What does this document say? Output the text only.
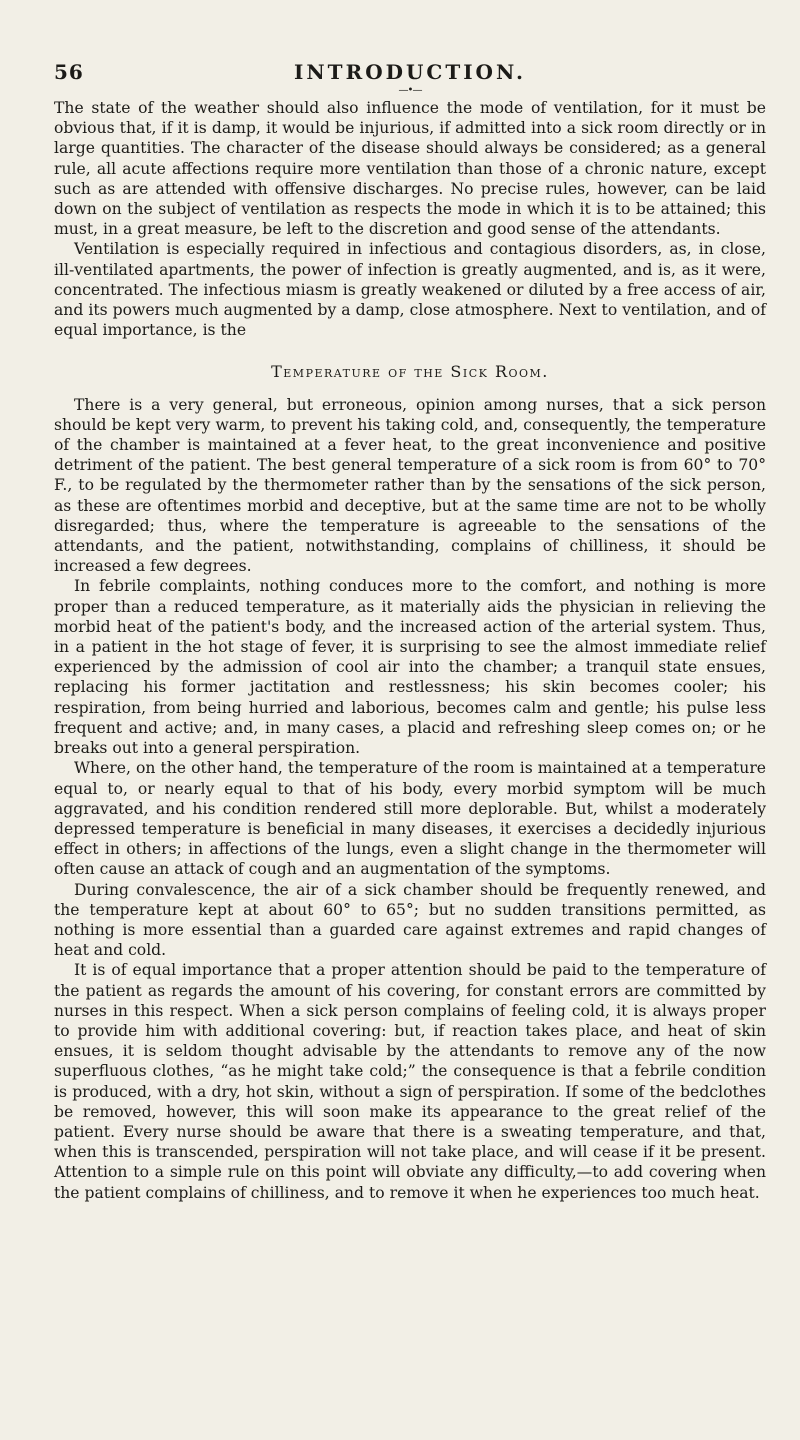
56	INTRODUCTION.
—•—

The state of the weather should also influence the mode of ventilation, for it must be obvious that, if it is damp, it would be injurious, if admitted into a sick room directly or in large quantities. The character of the disease should always be considered; as a general rule, all acute affections require more ventilation than those of a chronic nature, except such as are attended with offensive discharges. No precise rules, however, can be laid down on the subject of ventilation as respects the mode in which it is to be attained; this must, in a great measure, be left to the discretion and good sense of the attendants.

Ventilation is especially required in infectious and contagious disorders, as, in close, ill-ventilated apartments, the power of infection is greatly augmented, and is, as it were, concentrated. The infectious miasm is greatly weakened or diluted by a free access of air, and its powers much augmented by a damp, close atmosphere. Next to ventilation, and of equal importance, is the

Temperature of the Sick Room.

There is a very general, but erroneous, opinion among nurses, that a sick person should be kept very warm, to prevent his taking cold, and, consequently, the temperature of the chamber is maintained at a fever heat, to the great inconvenience and positive detriment of the patient. The best general temperature of a sick room is from 60° to 70° F., to be regulated by the thermometer rather than by the sensations of the sick person, as these are oftentimes morbid and deceptive, but at the same time are not to be wholly disregarded; thus, where the temperature is agreeable to the sensations of the attendants, and the patient, notwithstanding, complains of chilliness, it should be increased a few degrees.

In febrile complaints, nothing conduces more to the comfort, and nothing is more proper than a reduced temperature, as it materially aids the physician in relieving the morbid heat of the patient's body, and the increased action of the arterial system. Thus, in a patient in the hot stage of fever, it is surprising to see the almost immediate relief experienced by the admission of cool air into the chamber; a tranquil state ensues, replacing his former jactitation and restlessness; his skin becomes cooler; his respiration, from being hurried and laborious, becomes calm and gentle; his pulse less frequent and active; and, in many cases, a placid and refreshing sleep comes on; or he breaks out into a general perspiration.

Where, on the other hand, the temperature of the room is maintained at a temperature equal to, or nearly equal to that of his body, every morbid symptom will be much aggravated, and his condition rendered still more deplorable. But, whilst a moderately depressed temperature is beneficial in many diseases, it exercises a decidedly injurious effect in others; in affections of the lungs, even a slight change in the thermometer will often cause an attack of cough and an augmentation of the symptoms.

During convalescence, the air of a sick chamber should be frequently renewed, and the temperature kept at about 60° to 65°; but no sudden transitions permitted, as nothing is more essential than a guarded care against extremes and rapid changes of heat and cold.

It is of equal importance that a proper attention should be paid to the temperature of the patient as regards the amount of his covering, for constant errors are committed by nurses in this respect. When a sick person complains of feeling cold, it is always proper to provide him with additional covering: but, if reaction takes place, and heat of skin ensues, it is seldom thought advisable by the attendants to remove any of the now superfluous clothes, “as he might take cold;” the consequence is that a febrile condition is produced, with a dry, hot skin, without a sign of perspiration. If some of the bedclothes be removed, however, this will soon make its appearance to the great relief of the patient. Every nurse should be aware that there is a sweating temperature, and that, when this is transcended, perspiration will not take place, and will cease if it be present. Attention to a simple rule on this point will obviate any difficulty,—to add covering when the patient complains of chilliness, and to remove it when he experiences too much heat.
